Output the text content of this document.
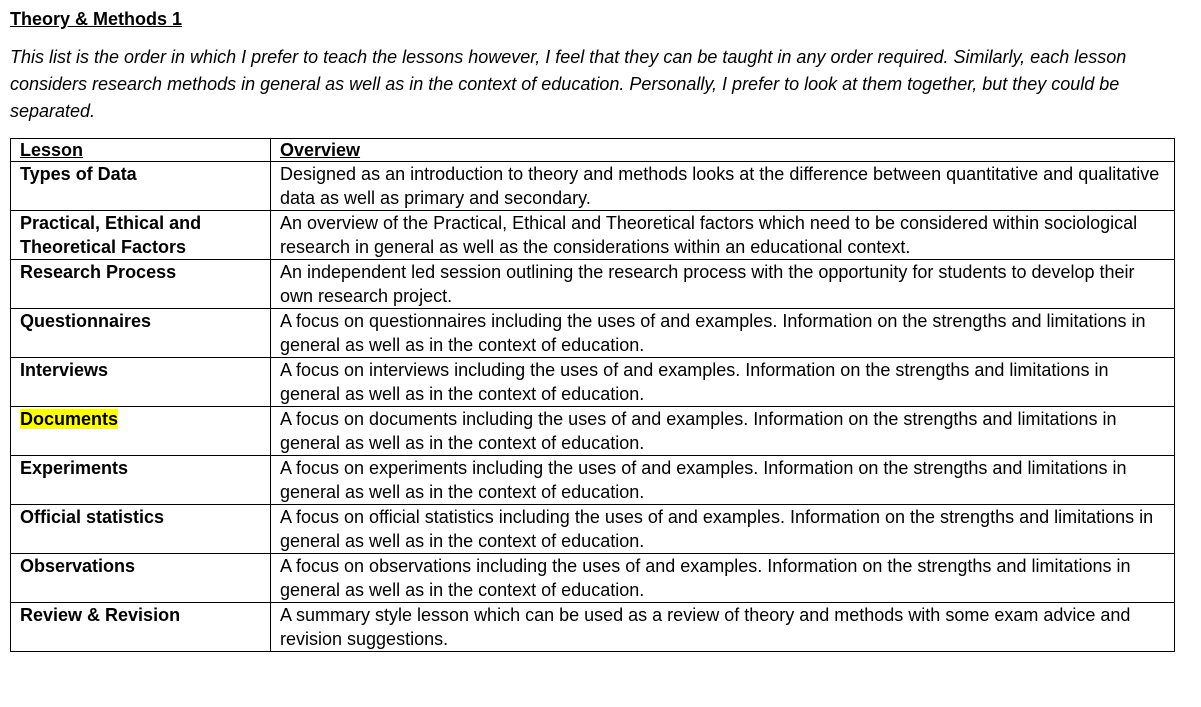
Theory & Methods 1
This list is the order in which I prefer to teach the lessons however, I feel that they can be taught in any order required. Similarly, each lesson considers research methods in general as well as in the context of education. Personally, I prefer to look at them together, but they could be separated.
Lesson	Overview
Types of Data	Designed as an introduction to theory and methods looks at the difference between quantitative and qualitative data as well as primary and secondary.
Practical, Ethical and Theoretical Factors	An overview of the Practical, Ethical and Theoretical factors which need to be considered within sociological research in general as well as the considerations within an educational context.
Research Process	An independent led session outlining the research process with the opportunity for students to develop their own research project.
Questionnaires	A focus on questionnaires including the uses of and examples. Information on the strengths and limitations in general as well as in the context of education.
Interviews	A focus on interviews including the uses of and examples. Information on the strengths and limitations in general as well as in the context of education.
Documents	A focus on documents including the uses of and examples. Information on the strengths and limitations in general as well as in the context of education.
Experiments	A focus on experiments including the uses of and examples. Information on the strengths and limitations in general as well as in the context of education.
Official statistics	A focus on official statistics including the uses of and examples. Information on the strengths and limitations in general as well as in the context of education.
Observations	A focus on observations including the uses of and examples. Information on the strengths and limitations in general as well as in the context of education.
Review & Revision	A summary style lesson which can be used as a review of theory and methods with some exam advice and revision suggestions.
